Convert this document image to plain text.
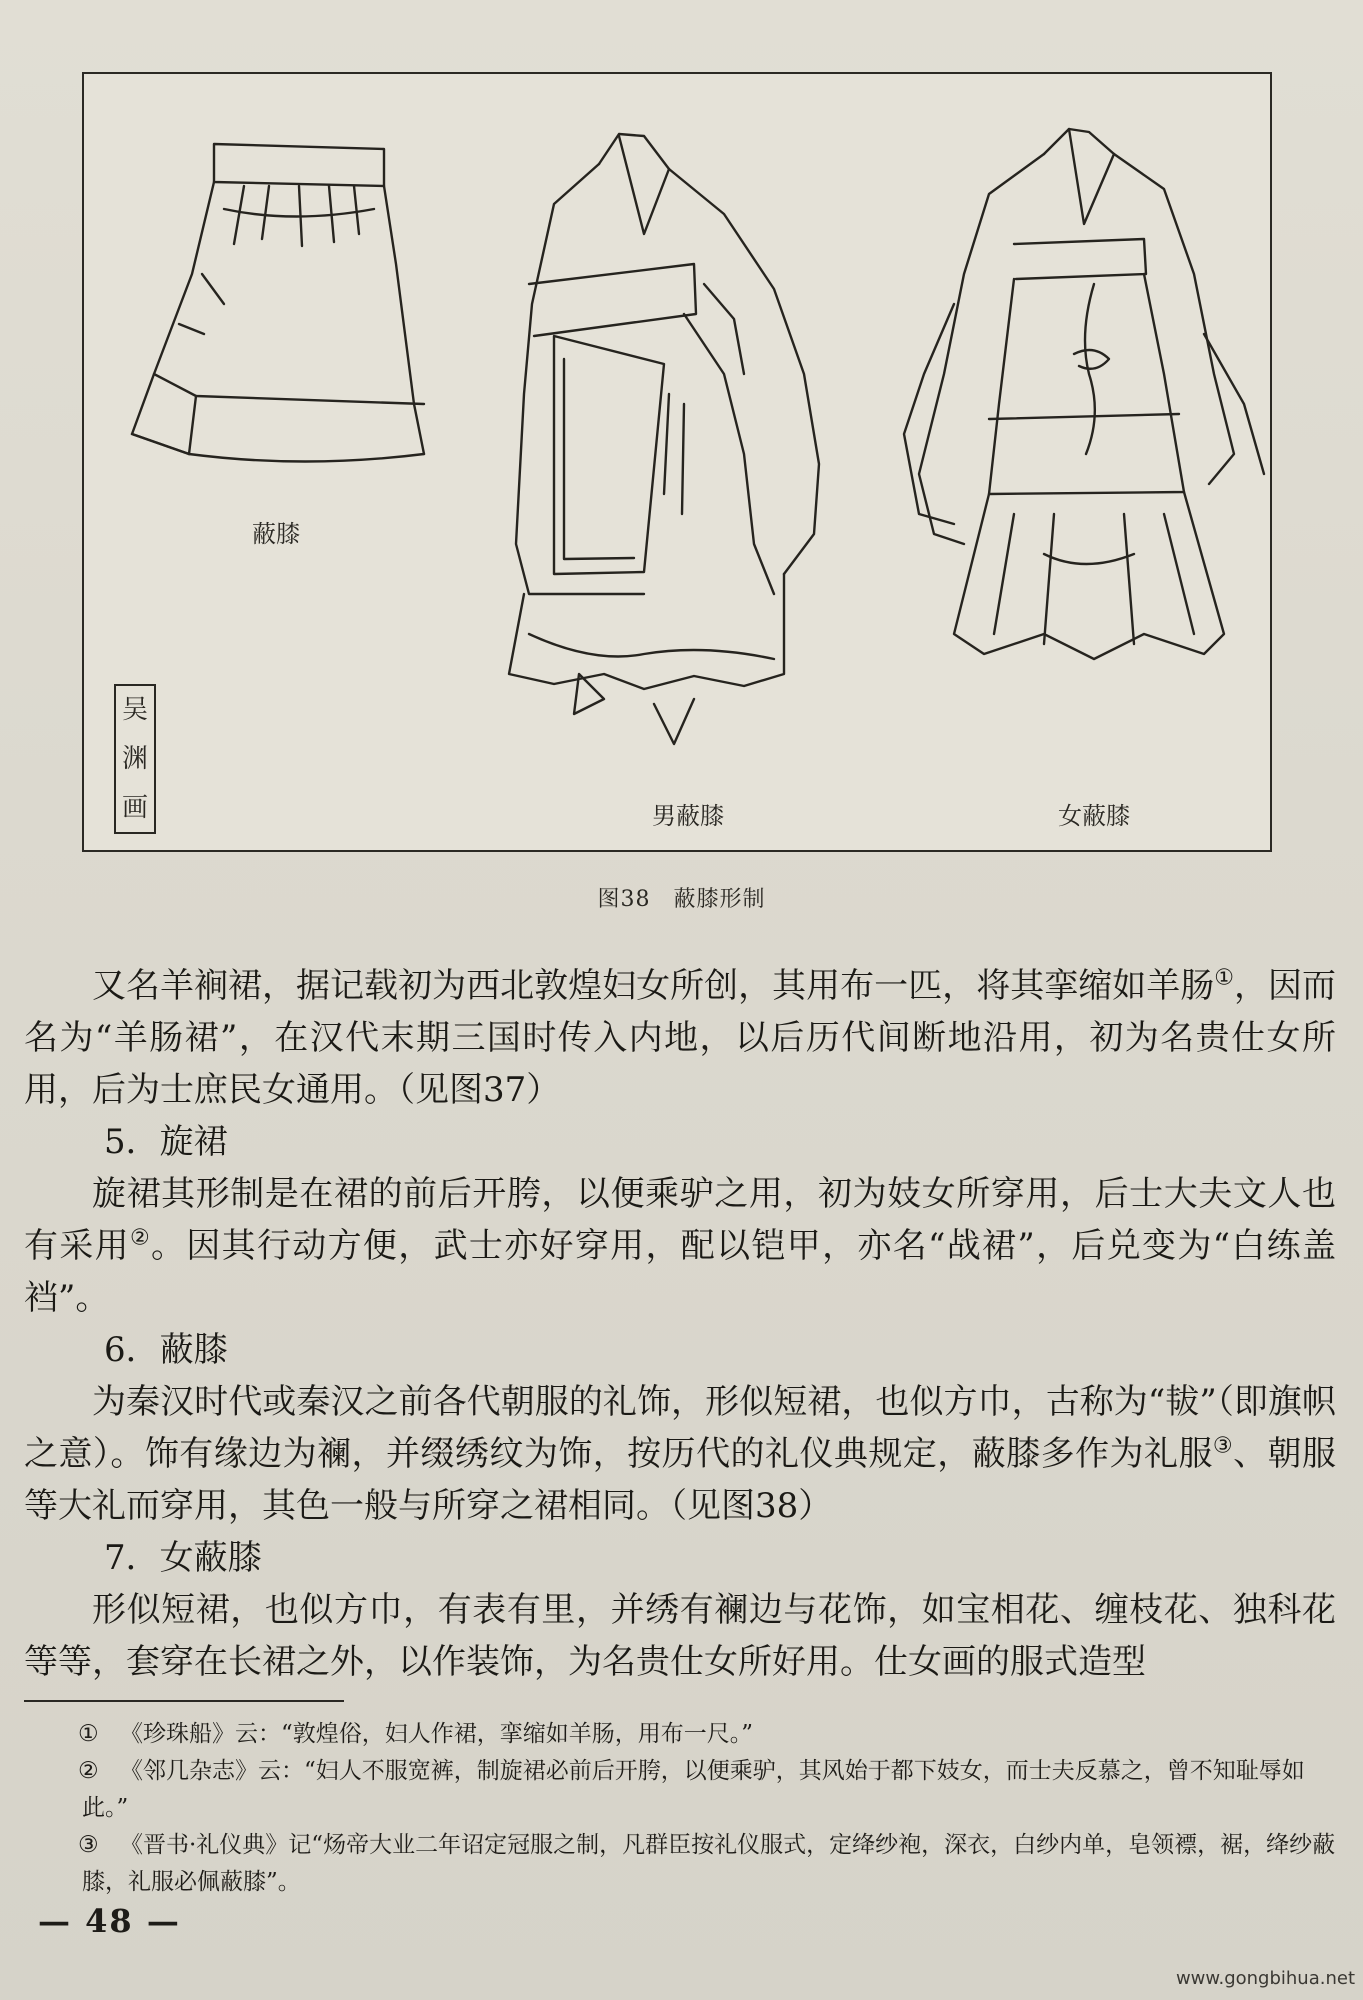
蔽膝
男蔽膝	女蔽膝
吴
渊
画
图38　蔽膝形制

又名羊裥裙，据记载初为西北敦煌妇女所创，其用布一匹，将其挛缩如羊肠①，因而名为“羊肠裙”，在汉代末期三国时传入内地，以后历代间断地沿用，初为名贵仕女所用，后为士庶民女通用。（见图37）

5．旋裙

旋裙其形制是在裙的前后开胯，以便乘驴之用，初为妓女所穿用，后士大夫文人也有采用②。因其行动方便，武士亦好穿用，配以铠甲，亦名“战裙”，后兑变为“白练盖裆”。

6．蔽膝

为秦汉时代或秦汉之前各代朝服的礼饰，形似短裙，也似方巾，古称为“韨”（即旗帜之意）。饰有缘边为襕，并缀绣纹为饰，按历代的礼仪典规定，蔽膝多作为礼服③、朝服等大礼而穿用，其色一般与所穿之裙相同。（见图38）

7．女蔽膝

形似短裙，也似方巾，有表有里，并绣有襕边与花饰，如宝相花、缠枝花、独科花等等，套穿在长裙之外，以作装饰，为名贵仕女所好用。仕女画的服式造型

① 《珍珠船》云：“敦煌俗，妇人作裙，挛缩如羊肠，用布一尺。”

② 《邻几杂志》云：“妇人不服宽裤，制旋裙必前后开胯，以便乘驴，其风始于都下妓女，而士夫反慕之，曾不知耻辱如此。”

③ 《晋书·礼仪典》记“炀帝大业二年诏定冠服之制，凡群臣按礼仪服式，定绛纱袍，深衣，白纱内单，皂领褾，裾，绛纱蔽膝，礼服必佩蔽膝”。

— 48 —
www.gongbihua.net
